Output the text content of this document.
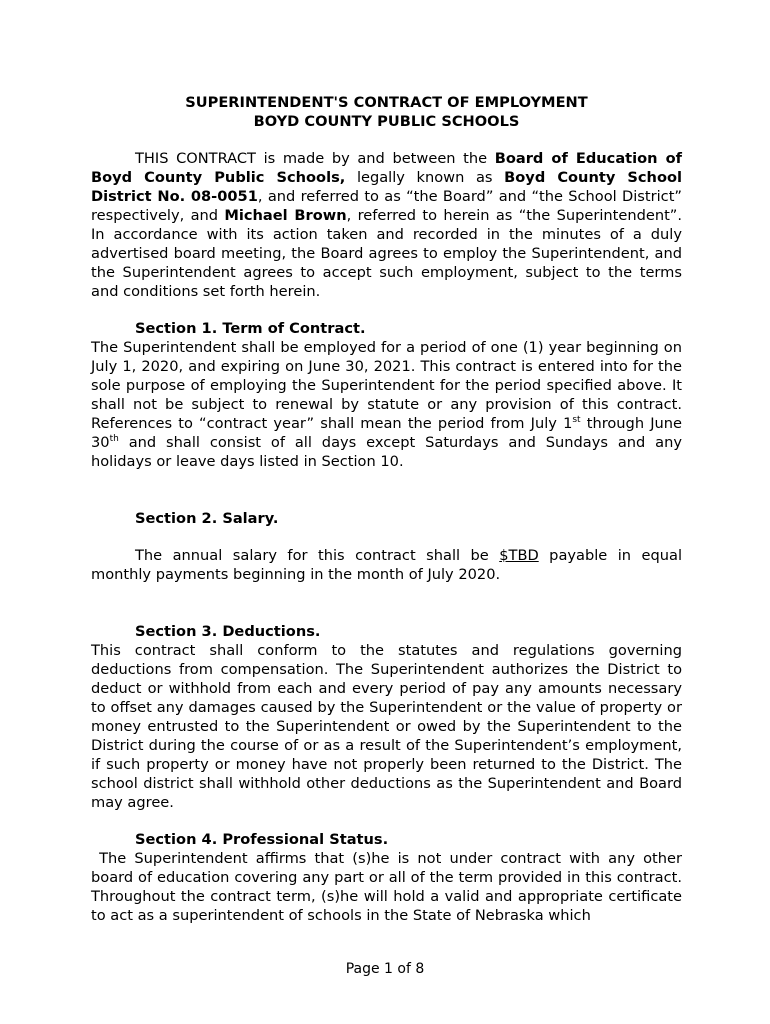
SUPERINTENDENT'S CONTRACT OF EMPLOYMENT
BOYD COUNTY PUBLIC SCHOOLS

THIS CONTRACT is made by and between the Board of Education of Boyd County Public Schools, legally known as Boyd County School District No. 08-0051, and referred to as “the Board” and “the School District” respectively, and Michael Brown, referred to herein as “the Superintendent”. In accordance with its action taken and recorded in the minutes of a duly advertised board meeting, the Board agrees to employ the Superintendent, and the Superintendent agrees to accept such employment, subject to the terms and conditions set forth herein.

Section 1. Term of Contract.

The Superintendent shall be employed for a period of one (1) year beginning on July 1, 2020, and expiring on June 30, 2021. This contract is entered into for the sole purpose of employing the Superintendent for the period specified above. It shall not be subject to renewal by statute or any provision of this contract. References to “contract year” shall mean the period from July 1st through June 30th and shall consist of all days except Saturdays and Sundays and any holidays or leave days listed in Section 10.

Section 2. Salary.

The annual salary for this contract shall be $TBD payable in equal monthly payments beginning in the month of July 2020.

Section 3. Deductions.

This contract shall conform to the statutes and regulations governing deductions from compensation. The Superintendent authorizes the District to deduct or withhold from each and every period of pay any amounts necessary to offset any damages caused by the Superintendent or the value of property or money entrusted to the Superintendent or owed by the Superintendent to the District during the course of or as a result of the Superintendent’s employment, if such property or money have not properly been returned to the District. The school district shall withhold other deductions as the Superintendent and Board may agree.

Section 4. Professional Status.

The Superintendent affirms that (s)he is not under contract with any other board of education covering any part or all of the term provided in this contract.  Throughout the contract term, (s)he will hold a valid and appropriate certificate to act as a superintendent of schools in the State of Nebraska which

Page 1 of 8
